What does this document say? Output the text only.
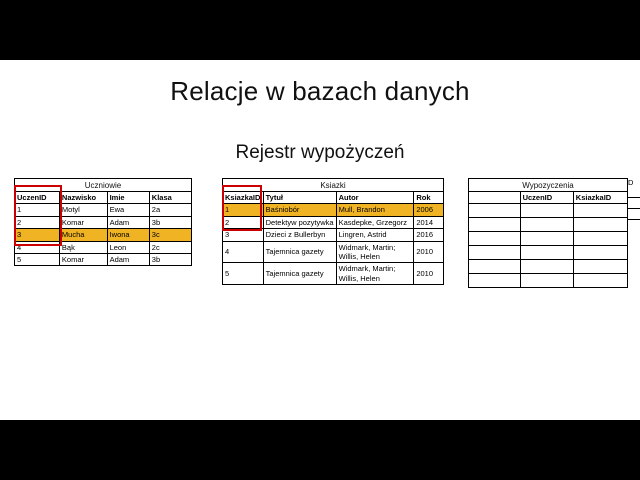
Relacje w bazach danych
Rejestr wypożyczeń
Uczniowie
UczenID	Nazwisko	Imie	Klasa
1	Motyl	Ewa	2a
2	Komar	Adam	3b
3	Mucha	Iwona	3c
4	Bąk	Leon	2c
5	Komar	Adam	3b
Ksiazki
KsiazkaID	Tytuł	Autor	Rok
1	Baśniobór	Mull, Brandon	2006
2	Detektyw pozytywka	Kasdepke, Grzegorz	2014
3	Dzieci z Bullerbyn	Lingren, Astrid	2016
4	Tajemnica gazety	Widmark, Martin; Willis, Helen	2010
5	Tajemnica gazety	Widmark, Martin; Willis, Helen	2010
Wypozyczenia
	UczenID	KsiazkaID

D
